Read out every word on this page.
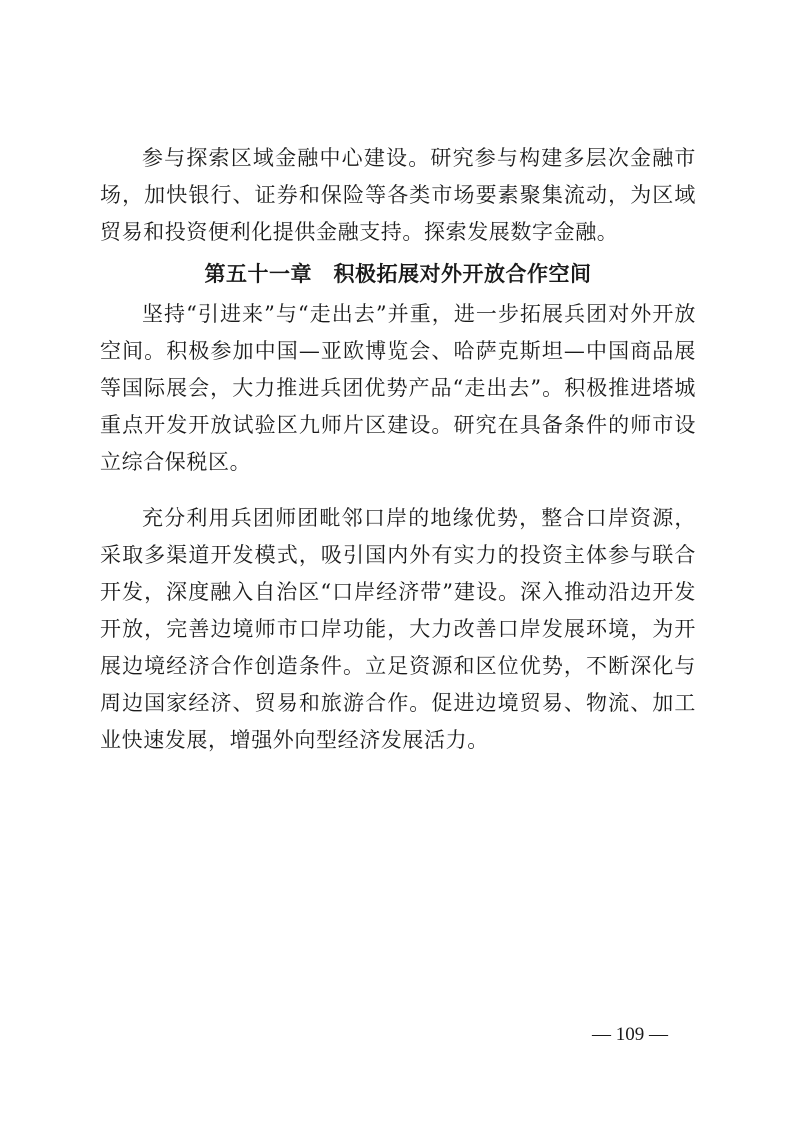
参与探索区域金融中心建设。研究参与构建多层次金融市场，加快银行、证券和保险等各类市场要素聚集流动，为区域贸易和投资便利化提供金融支持。探索发展数字金融。

第五十一章　积极拓展对外开放合作空间

坚持“引进来”与“走出去”并重，进一步拓展兵团对外开放空间。积极参加中国—亚欧博览会、哈萨克斯坦—中国商品展等国际展会，大力推进兵团优势产品“走出去”。积极推进塔城重点开发开放试验区九师片区建设。研究在具备条件的师市设立综合保税区。

充分利用兵团师团毗邻口岸的地缘优势，整合口岸资源，采取多渠道开发模式，吸引国内外有实力的投资主体参与联合开发，深度融入自治区“口岸经济带”建设。深入推动沿边开发开放，完善边境师市口岸功能，大力改善口岸发展环境，为开展边境经济合作创造条件。立足资源和区位优势，不断深化与周边国家经济、贸易和旅游合作。促进边境贸易、物流、加工业快速发展，增强外向型经济发展活力。

— 109 —
